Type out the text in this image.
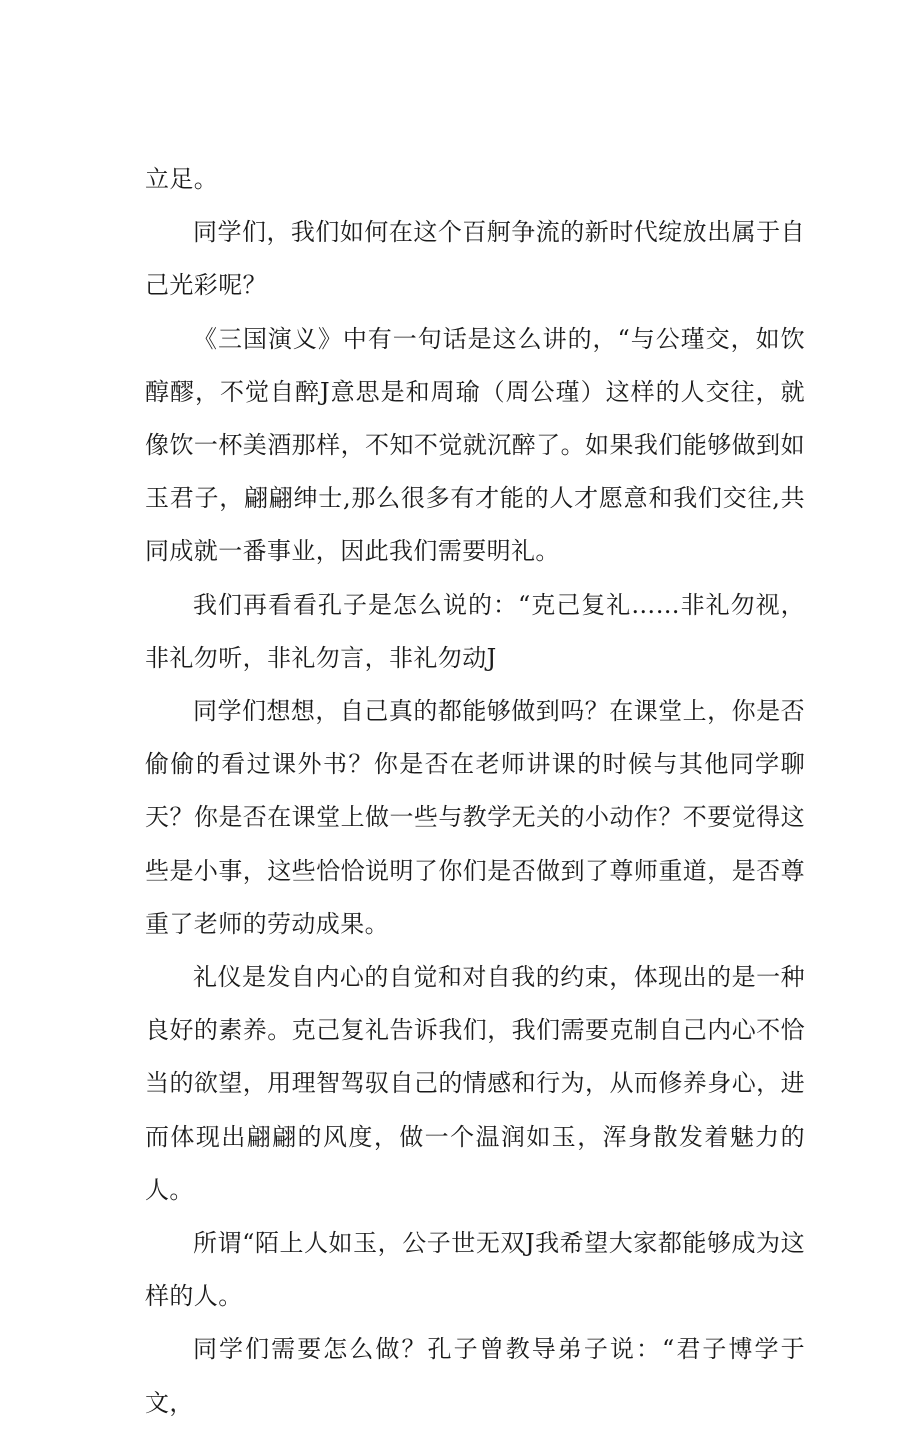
立足。

同学们，我们如何在这个百舸争流的新时代绽放出属于自己光彩呢？

《三国演义》中有一句话是这么讲的，“与公瑾交，如饮醇醪，不觉自醉J意思是和周瑜（周公瑾）这样的人交往，就像饮一杯美酒那样，不知不觉就沉醉了。如果我们能够做到如玉君子，翩翩绅士,那么很多有才能的人才愿意和我们交往,共同成就一番事业，因此我们需要明礼。

我们再看看孔子是怎么说的：“克己复礼……非礼勿视，非礼勿听，非礼勿言，非礼勿动J

同学们想想，自己真的都能够做到吗？在课堂上，你是否偷偷的看过课外书？你是否在老师讲课的时候与其他同学聊天？你是否在课堂上做一些与教学无关的小动作？不要觉得这些是小事，这些恰恰说明了你们是否做到了尊师重道，是否尊重了老师的劳动成果。

礼仪是发自内心的自觉和对自我的约束，体现出的是一种良好的素养。克己复礼告诉我们，我们需要克制自己内心不恰当的欲望，用理智驾驭自己的情感和行为，从而修养身心，进而体现出翩翩的风度，做一个温润如玉，浑身散发着魅力的人。

所谓“陌上人如玉，公子世无双J我希望大家都能够成为这样的人。

同学们需要怎么做？孔子曾教导弟子说：“君子博学于文，
